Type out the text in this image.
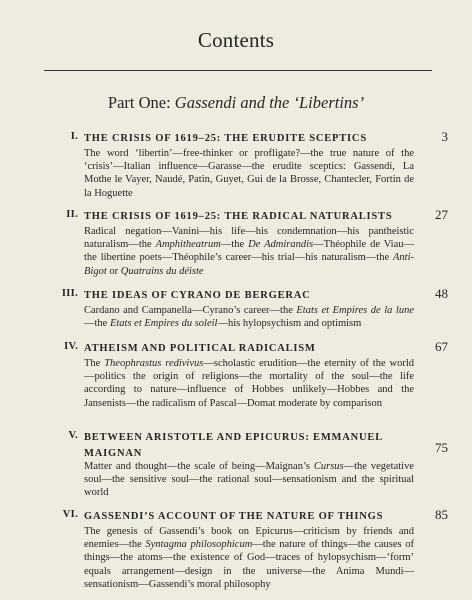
Contents
Part One: Gassendi and the ‘Libertins’
I. THE CRISIS OF 1619–25: THE ERUDITE SCEPTICS	3
The word ‘libertin’—free-thinker or profligate?—the true nature of the ‘crisis’—Italian influence—Garasse—the erudite sceptics: Gassendi, La Mothe le Vayer, Naudé, Patin, Guyet, Gui de la Brosse, Chantecler, Fortin de la Hoguette
II. THE CRISIS OF 1619–25: THE RADICAL NATURALISTS	27
Radical negation—Vanini—his life—his condemnation—his pantheistic naturalism—the Amphitheatrum—the De Admirandis—Théophile de Viau—the libertine poets—Théophile’s career—his trial—his naturalism—the Anti-Bigot or Quatrains du déiste
III. THE IDEAS OF CYRANO DE BERGERAC	48
Cardano and Campanella—Cyrano’s career—the Etats et Empires de la lune—the Etats et Empires du soleil—his hylopsychism and optimism
IV. ATHEISM AND POLITICAL RADICALISM	67
The Theophrastus redivivus—scholastic erudition—the eternity of the world—politics the origin of religions—the mortality of the soul—the life according to nature—influence of Hobbes unlikely—Hobbes and the Jansenists—the radicalism of Pascal—Domat moderate by comparison
V. BETWEEN ARISTOTLE AND EPICURUS: EMMANUEL MAIGNAN	75
Matter and thought—the scale of being—Maignan’s Cursus—the vegetative soul—the sensitive soul—the rational soul—sensationism and the spiritual world
VI. GASSENDI’S ACCOUNT OF THE NATURE OF THINGS	85
The genesis of Gassendi’s book on Epicurus—criticism by friends and enemies—the Syntagma philosophicum—the nature of things—the causes of things—the atoms—the existence of God—traces of hylopsychism—‘form’ equals arrangement—design in the universe—the Anima Mundi—sensationism—Gassendi’s moral philosophy
